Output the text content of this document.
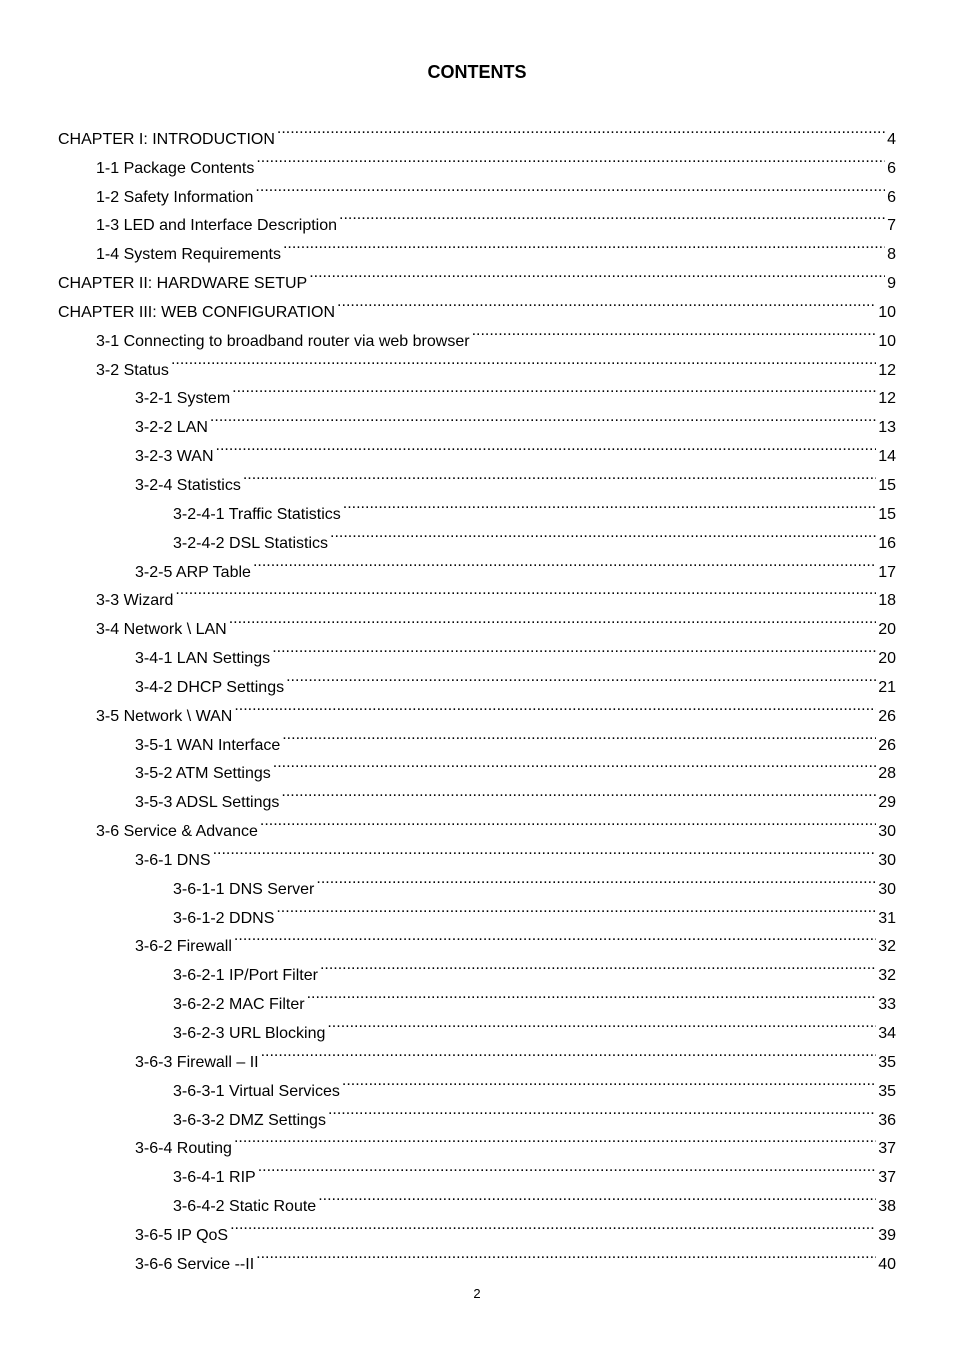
CONTENTS
CHAPTER I: INTRODUCTION .....	4
1-1 Package Contents .....	6
1-2 Safety Information .....	6
1-3 LED and Interface Description .....	7
1-4 System Requirements .....	8
CHAPTER II: HARDWARE SETUP .....	9
CHAPTER III: WEB CONFIGURATION .....	10
3-1 Connecting to broadband router via web browser .....	10
3-2 Status .....	12
3-2-1 System .....	12
3-2-2 LAN .....	13
3-2-3 WAN .....	14
3-2-4 Statistics .....	15
3-2-4-1 Traffic Statistics .....	15
3-2-4-2 DSL Statistics .....	16
3-2-5 ARP Table .....	17
3-3 Wizard .....	18
3-4 Network \ LAN .....	20
3-4-1 LAN Settings .....	20
3-4-2 DHCP Settings .....	21
3-5 Network \ WAN .....	26
3-5-1 WAN Interface .....	26
3-5-2 ATM Settings .....	28
3-5-3 ADSL Settings .....	29
3-6 Service & Advance .....	30
3-6-1 DNS .....	30
3-6-1-1 DNS Server .....	30
3-6-1-2 DDNS .....	31
3-6-2 Firewall .....	32
3-6-2-1 IP/Port Filter .....	32
3-6-2-2 MAC Filter .....	33
3-6-2-3 URL Blocking .....	34
3-6-3 Firewall – II .....	35
3-6-3-1 Virtual Services .....	35
3-6-3-2 DMZ Settings .....	36
3-6-4 Routing .....	37
3-6-4-1 RIP .....	37
3-6-4-2 Static Route .....	38
3-6-5 IP QoS .....	39
3-6-6 Service --II .....	40
2
